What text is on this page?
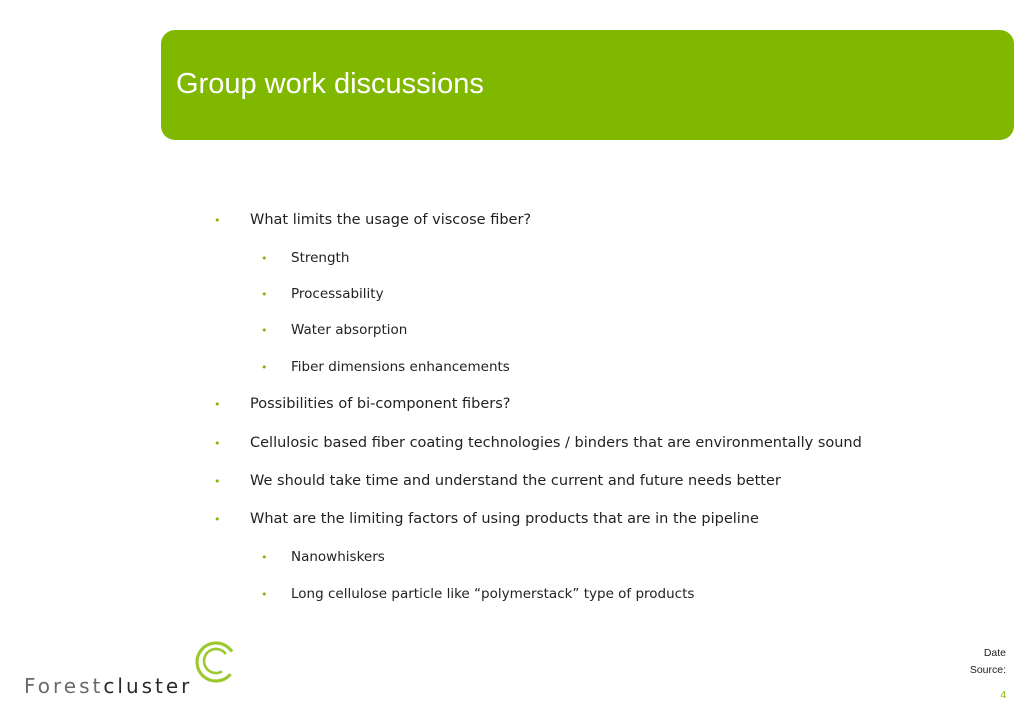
Group work discussions
• What limits the usage of viscose fiber?
• Strength
• Processability
• Water absorption
• Fiber dimensions enhancements
• Possibilities of bi-component fibers?
• Cellulosic based fiber coating technologies / binders that are environmentally sound
• We should take time and understand the current and future needs better
• What are the limiting factors of using products that are in the pipeline
• Nanowhiskers
• Long cellulose particle like “polymerstack” type of products
Forestcluster
Date
Source:
4
